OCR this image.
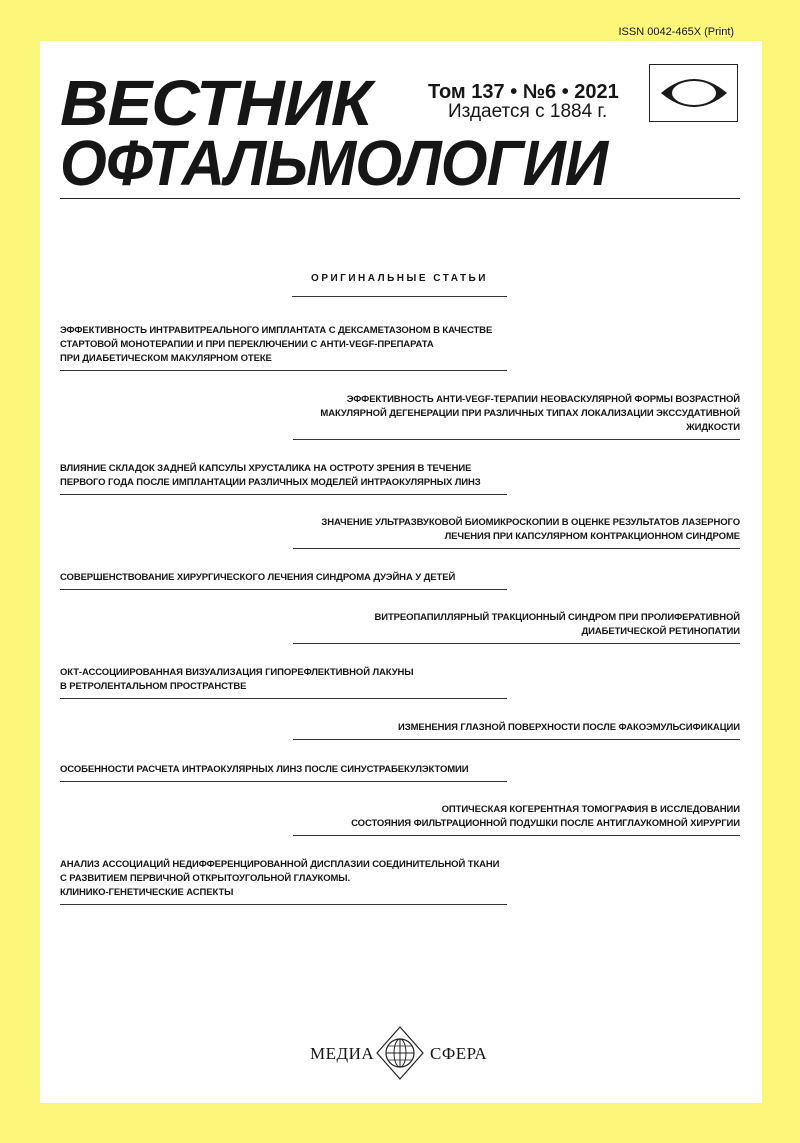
ISSN 0042-465X (Print)
ВЕСТНИК
ОФТАЛЬМОЛОГИИ
Том 137 • №6 • 2021
Издается с 1884 г.
ОРИГИНАЛЬНЫЕ СТАТЬИ
ЭФФЕКТИВНОСТЬ ИНТРАВИТРЕАЛЬНОГО ИМПЛАНТАТА С ДЕКСАМЕТАЗОНОМ В КАЧЕСТВЕ
СТАРТОВОЙ МОНОТЕРАПИИ И ПРИ ПЕРЕКЛЮЧЕНИИ С АНТИ-VEGF-ПРЕПАРАТА
ПРИ ДИАБЕТИЧЕСКОМ МАКУЛЯРНОМ ОТЕКЕ
ЭФФЕКТИВНОСТЬ АНТИ-VEGF-ТЕРАПИИ НЕОВАСКУЛЯРНОЙ ФОРМЫ ВОЗРАСТНОЙ
МАКУЛЯРНОЙ ДЕГЕНЕРАЦИИ ПРИ РАЗЛИЧНЫХ ТИПАХ ЛОКАЛИЗАЦИИ ЭКССУДАТИВНОЙ
ЖИДКОСТИ
ВЛИЯНИЕ СКЛАДОК ЗАДНЕЙ КАПСУЛЫ ХРУСТАЛИКА НА ОСТРОТУ ЗРЕНИЯ В ТЕЧЕНИЕ
ПЕРВОГО ГОДА ПОСЛЕ ИМПЛАНТАЦИИ РАЗЛИЧНЫХ МОДЕЛЕЙ ИНТРАОКУЛЯРНЫХ ЛИНЗ
ЗНАЧЕНИЕ УЛЬТРАЗВУКОВОЙ БИОМИКРОСКОПИИ В ОЦЕНКЕ РЕЗУЛЬТАТОВ ЛАЗЕРНОГО
ЛЕЧЕНИЯ ПРИ КАПСУЛЯРНОМ КОНТРАКЦИОННОМ СИНДРОМЕ
СОВЕРШЕНСТВОВАНИЕ ХИРУРГИЧЕСКОГО ЛЕЧЕНИЯ СИНДРОМА ДУЭЙНА У ДЕТЕЙ
ВИТРЕОПАПИЛЛЯРНЫЙ ТРАКЦИОННЫЙ СИНДРОМ ПРИ ПРОЛИФЕРАТИВНОЙ
ДИАБЕТИЧЕСКОЙ РЕТИНОПАТИИ
ОКТ-АССОЦИИРОВАННАЯ ВИЗУАЛИЗАЦИЯ ГИПОРЕФЛЕКТИВНОЙ ЛАКУНЫ
В РЕТРОЛЕНТАЛЬНОМ ПРОСТРАНСТВЕ
ИЗМЕНЕНИЯ ГЛАЗНОЙ ПОВЕРХНОСТИ ПОСЛЕ ФАКОЭМУЛЬСИФИКАЦИИ
ОСОБЕННОСТИ РАСЧЕТА ИНТРАОКУЛЯРНЫХ ЛИНЗ ПОСЛЕ СИНУСТРАБЕКУЛЭКТОМИИ
ОПТИЧЕСКАЯ КОГЕРЕНТНАЯ ТОМОГРАФИЯ В ИССЛЕДОВАНИИ
СОСТОЯНИЯ ФИЛЬТРАЦИОННОЙ ПОДУШКИ ПОСЛЕ АНТИГЛАУКОМНОЙ ХИРУРГИИ
АНАЛИЗ АССОЦИАЦИЙ НЕДИФФЕРЕНЦИРОВАННОЙ ДИСПЛАЗИИ СОЕДИНИТЕЛЬНОЙ ТКАНИ
С РАЗВИТИЕМ ПЕРВИЧНОЙ ОТКРЫТОУГОЛЬНОЙ ГЛАУКОМЫ.
КЛИНИКО-ГЕНЕТИЧЕСКИЕ АСПЕКТЫ
МЕДИА	СФЕРА
